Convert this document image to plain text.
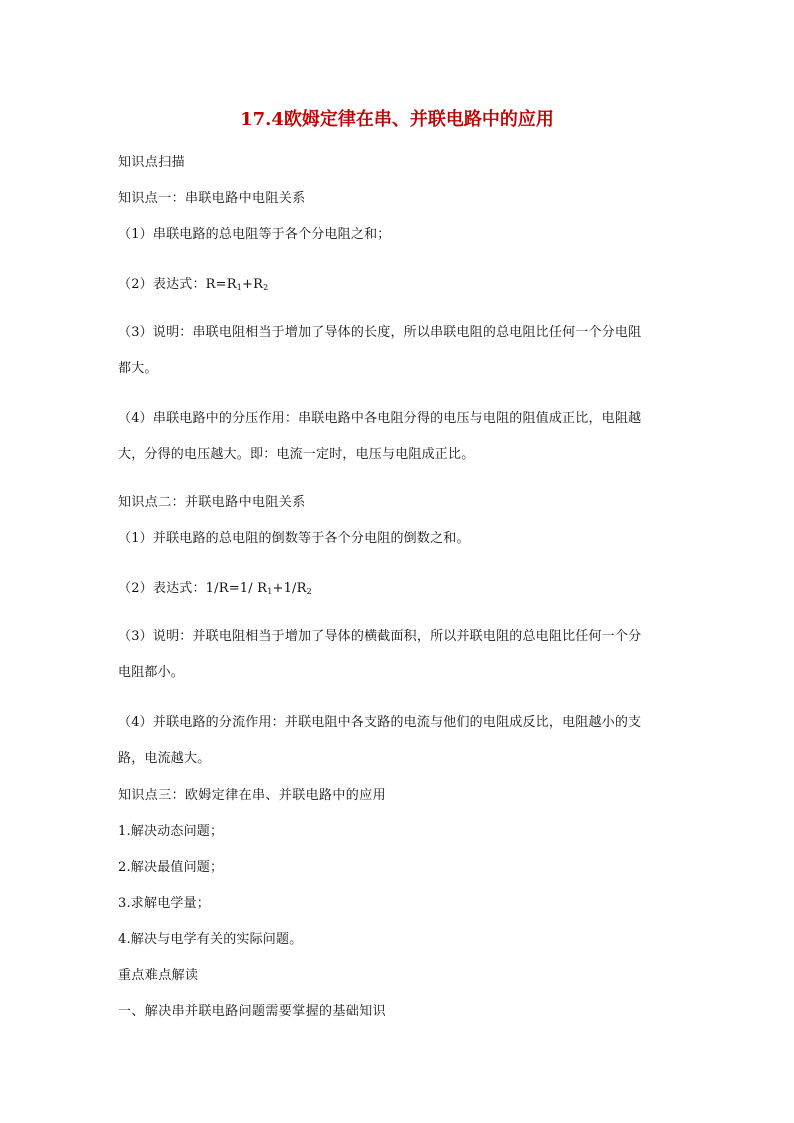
17.4欧姆定律在串、并联电路中的应用
知识点扫描
知识点一：串联电路中电阻关系
（1）串联电路的总电阻等于各个分电阻之和；
（2）表达式：$R=R_1+R_2$
（3）说明：串联电阻相当于增加了导体的长度，所以串联电阻的总电阻比任何一个分电阻
都大。
（4）串联电路中的分压作用：串联电路中各电阻分得的电压与电阻的阻值成正比，电阻越
大，分得的电压越大。即：电流一定时，电压与电阻成正比。
知识点二：并联电路中电阻关系
（1）并联电路的总电阻的倒数等于各个分电阻的倒数之和。
（2）表达式：1/R=1/ $R_1+1/R_2$
（3）说明：并联电阻相当于增加了导体的横截面积，所以并联电阻的总电阻比任何一个分
电阻都小。
（4）并联电路的分流作用：并联电阻中各支路的电流与他们的电阻成反比，电阻越小的支
路，电流越大。
知识点三：欧姆定律在串、并联电路中的应用
1.解决动态问题；
2.解决最值问题；
3.求解电学量；
4.解决与电学有关的实际问题。
重点难点解读
一、解决串并联电路问题需要掌握的基础知识
